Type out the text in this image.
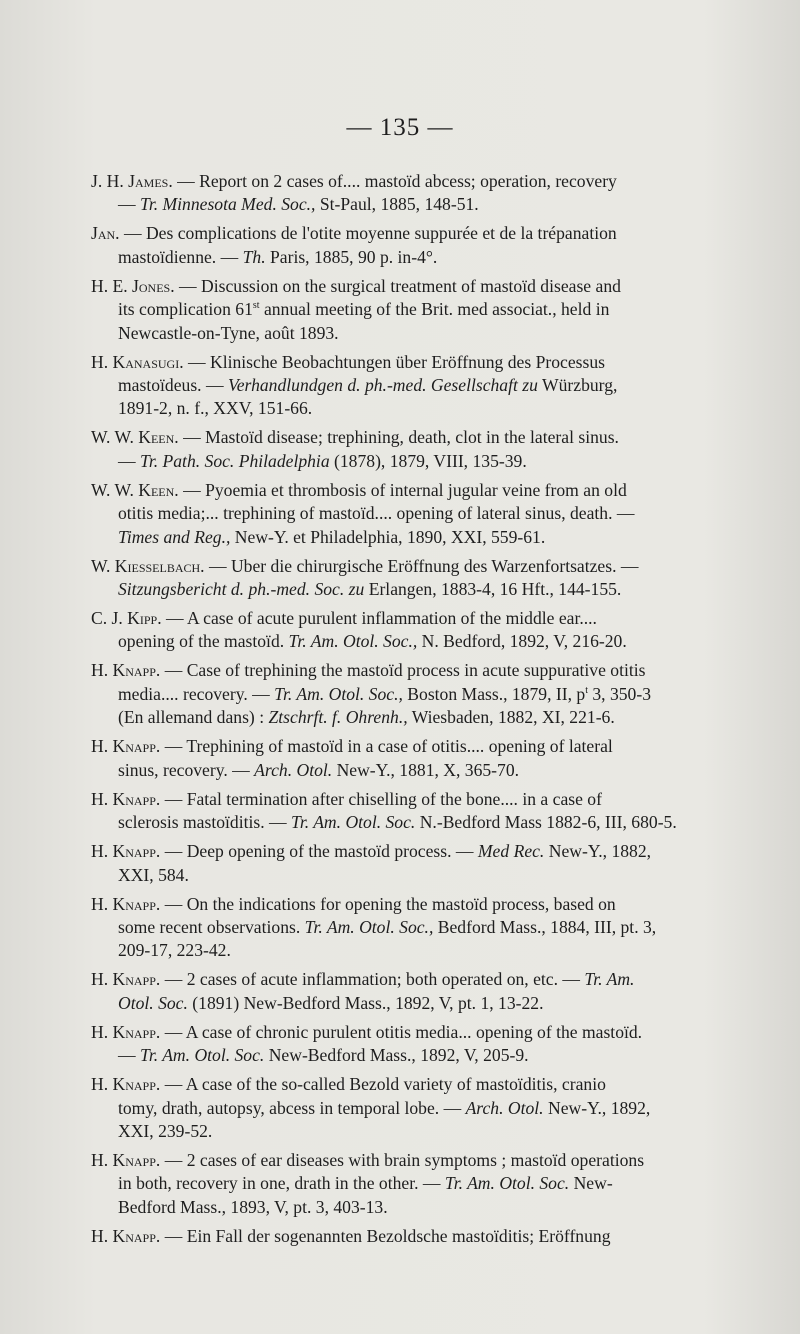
— 135 —
J. H. James. — Report on 2 cases of.... mastoïd abcess; operation, recovery
— Tr. Minnesota Med. Soc., St-Paul, 1885, 148-51.
Jan. — Des complications de l'otite moyenne suppurée et de la trépanation
mastoïdienne. — Th. Paris, 1885, 90 p. in-4°.
H. E. Jones. — Discussion on the surgical treatment of mastoïd disease and
its complication 61st annual meeting of the Brit. med associat., held in
Newcastle-on-Tyne, août 1893.
H. Kanasugi. — Klinische Beobachtungen über Eröffnung des Processus
mastoïdeus. — Verhandlundgen d. ph.-med. Gesellschaft zu Würzburg,
1891-2, n. f., XXV, 151-66.
W. W. Keen. — Mastoïd disease; trephining, death, clot in the lateral sinus.
— Tr. Path. Soc. Philadelphia (1878), 1879, VIII, 135-39.
W. W. Keen. — Pyoemia et thrombosis of internal jugular veine from an old
otitis media;... trephining of mastoïd.... opening of lateral sinus, death. —
Times and Reg., New-Y. et Philadelphia, 1890, XXI, 559-61.
W. Kiesselbach. — Uber die chirurgische Eröffnung des Warzenfortsatzes. —
Sitzungsbericht d. ph.-med. Soc. zu Erlangen, 1883-4, 16 Hft., 144-155.
C. J. Kipp. — A case of acute purulent inflammation of the middle ear....
opening of the mastoïd. Tr. Am. Otol. Soc., N. Bedford, 1892, V, 216-20.
H. Knapp. — Case of trephining the mastoïd process in acute suppurative otitis
media.... recovery. — Tr. Am. Otol. Soc., Boston Mass., 1879, II, $p^t$ 3, 350-3
(En allemand dans) : Ztschrft. f. Ohrenh., Wiesbaden, 1882, XI, 221-6.
H. Knapp. — Trephining of mastoïd in a case of otitis.... opening of lateral
sinus, recovery. — Arch. Otol. New-Y., 1881, X, 365-70.
H. Knapp. — Fatal termination after chiselling of the bone.... in a case of
sclerosis mastoïditis. — Tr. Am. Otol. Soc. N.-Bedford Mass 1882-6, III, 680-5.
H. Knapp. — Deep opening of the mastoïd process. — Med Rec. New-Y., 1882,
XXI, 584.
H. Knapp. — On the indications for opening the mastoïd process, based on
some recent observations. Tr. Am. Otol. Soc., Bedford Mass., 1884, III, pt. 3,
209-17, 223-42.
H. Knapp. — 2 cases of acute inflammation; both operated on, etc. — Tr. Am.
Otol. Soc. (1891) New-Bedford Mass., 1892, V, pt. 1, 13-22.
H. Knapp. — A case of chronic purulent otitis media... opening of the mastoïd.
— Tr. Am. Otol. Soc. New-Bedford Mass., 1892, V, 205-9.
H. Knapp. — A case of the so-called Bezold variety of mastoïditis, cranio
tomy, drath, autopsy, abcess in temporal lobe. — Arch. Otol. New-Y., 1892,
XXI, 239-52.
H. Knapp. — 2 cases of ear diseases with brain symptoms ; mastoïd operations
in both, recovery in one, drath in the other. — Tr. Am. Otol. Soc. New-
Bedford Mass., 1893, V, pt. 3, 403-13.
H. Knapp. — Ein Fall der sogenannten Bezoldsche mastoïditis; Eröffnung
